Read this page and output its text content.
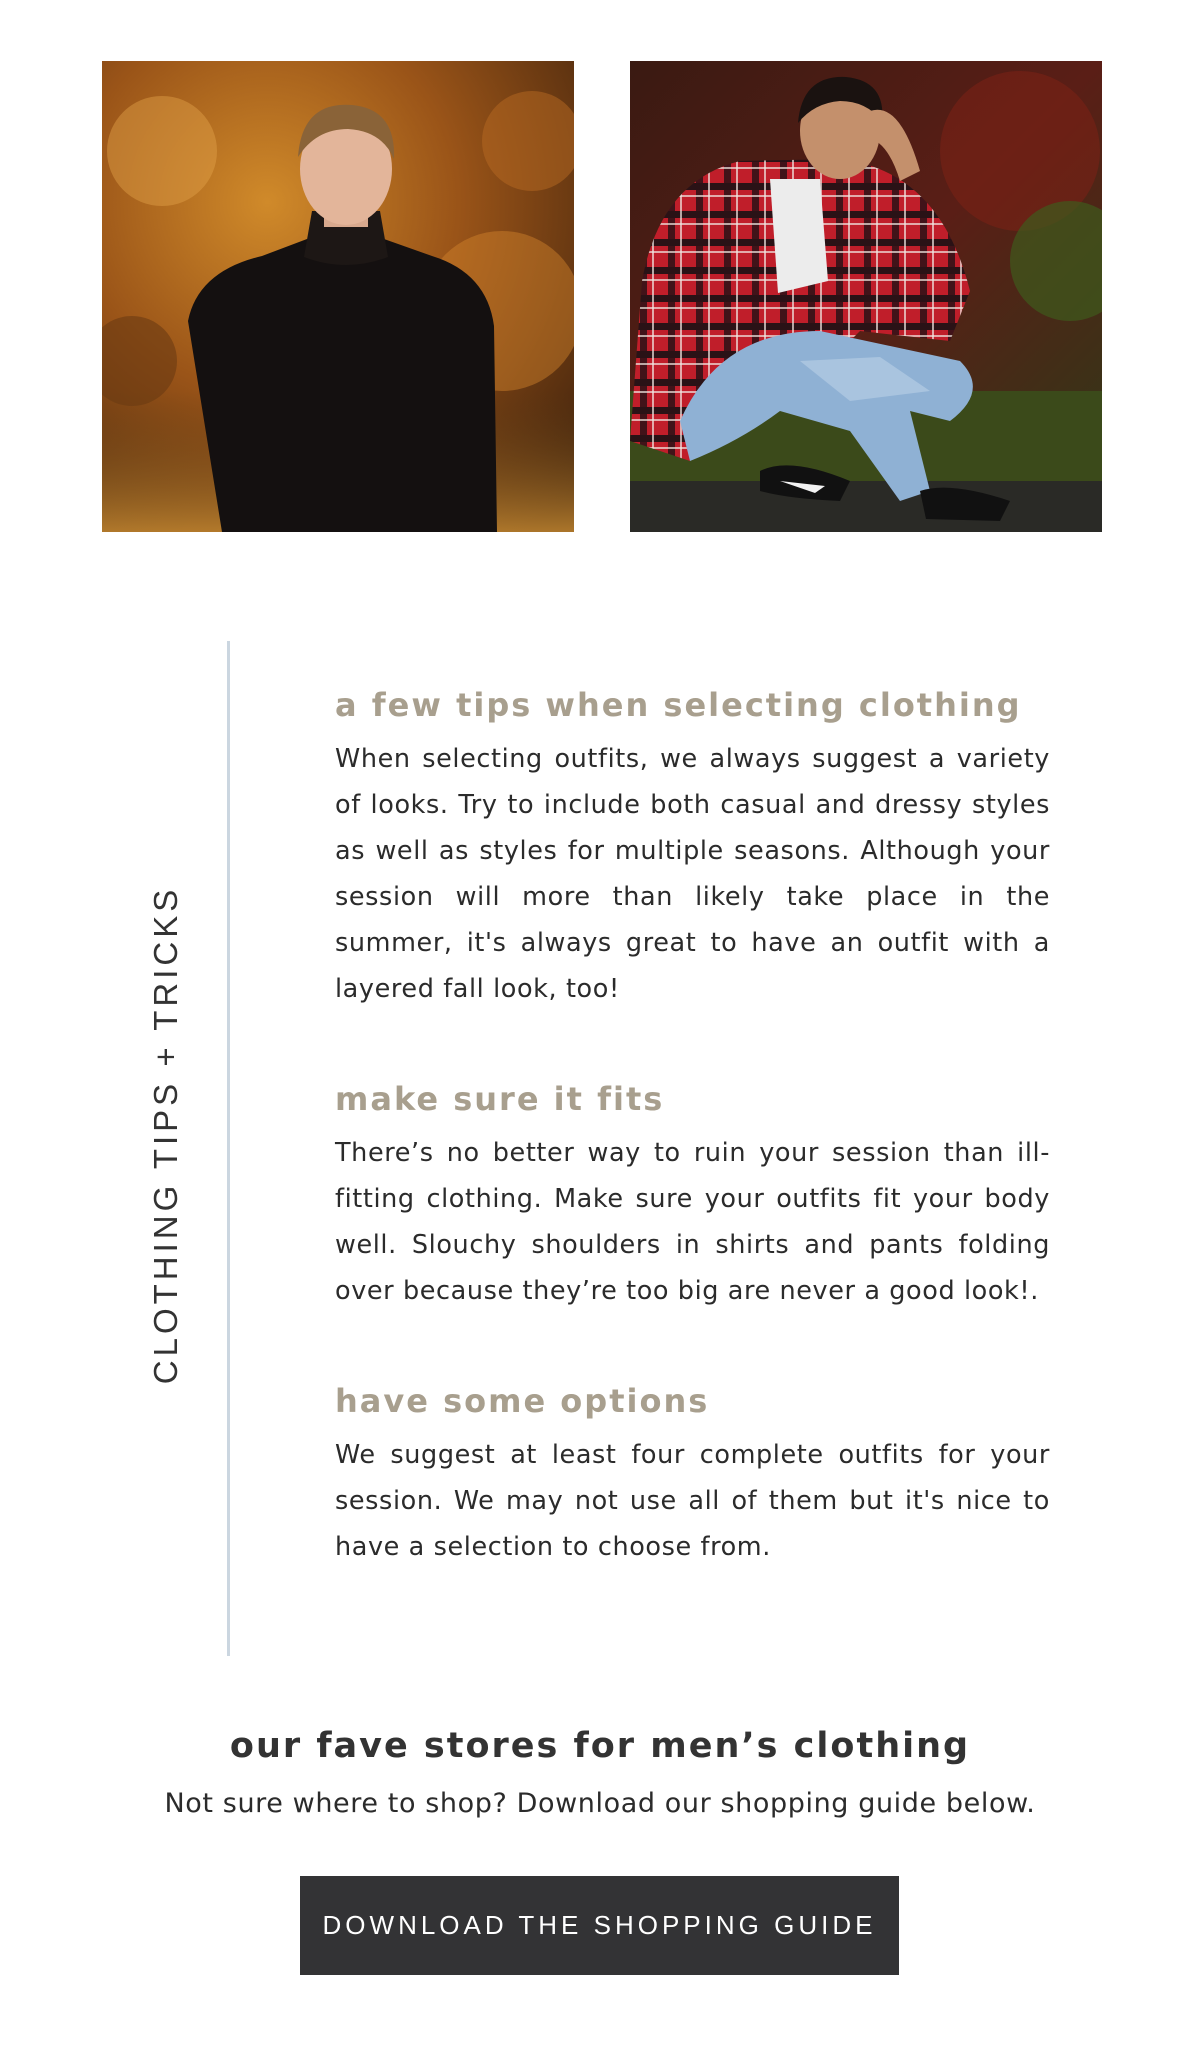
CLOTHING TIPS + TRICKS
a few tips when selecting clothing

When selecting outfits, we always suggest a variety of looks. Try to include both casual and dressy styles as well as styles for multiple seasons. Although your session will more than likely take place in the summer, it's always great to have an outfit with a layered fall look, too!

make sure it fits

There’s no better way to ruin your session than ill-fitting clothing. Make sure your outfits fit your body well. Slouchy shoulders in shirts and pants folding over because they’re too big are never a good look!.

have some options

We suggest at least four complete outfits for your session. We may not use all of them but it's nice to have a selection to choose from.

our fave stores for men’s clothing

Not sure where to shop? Download our shopping guide below.

DOWNLOAD THE SHOPPING GUIDE
